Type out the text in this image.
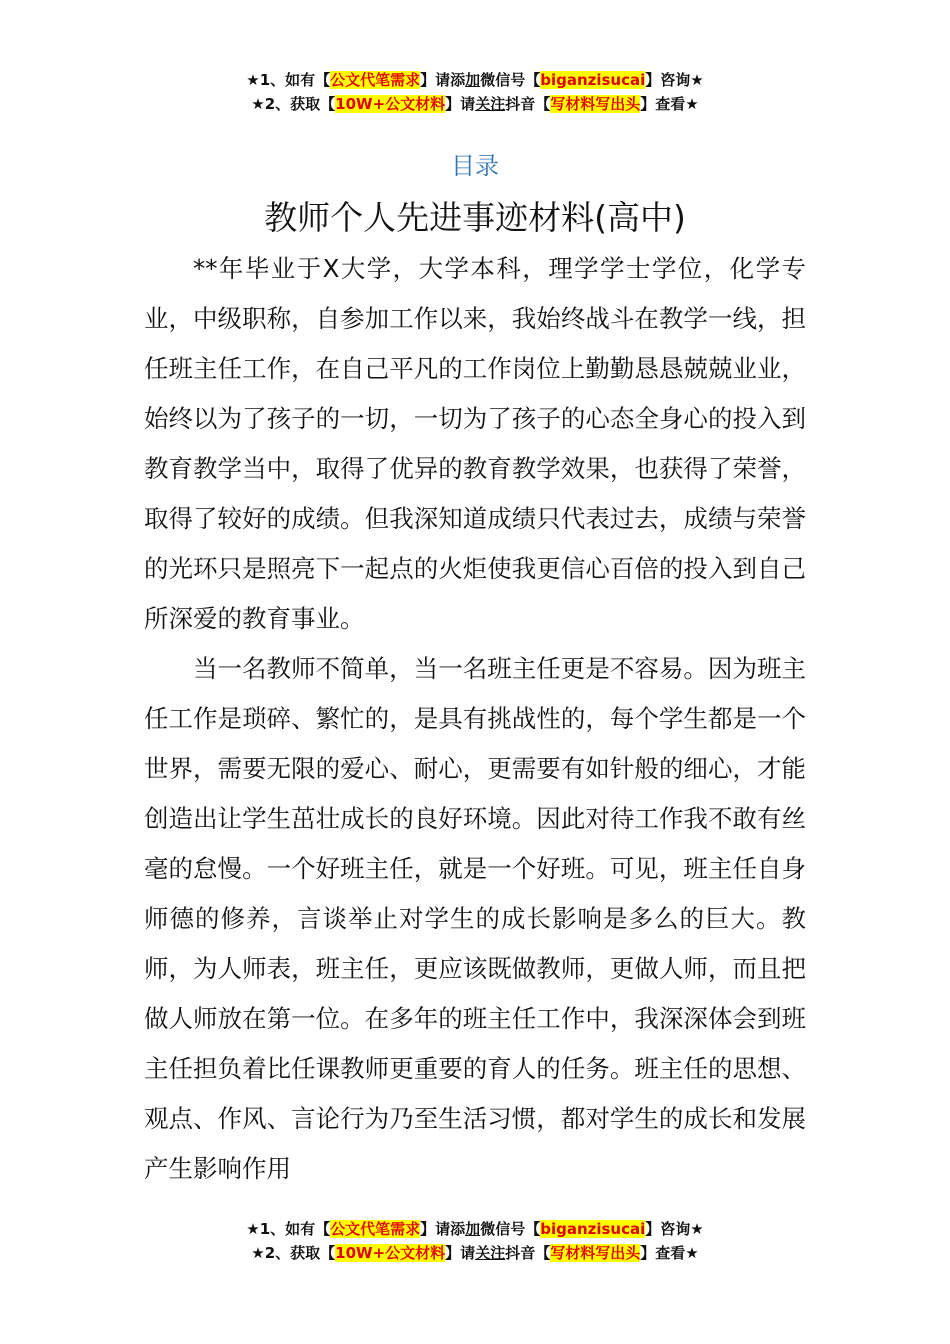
★1、如有【公文代笔需求】请添加微信号【biganzisucai】咨询★
★2、获取【10W+公文材料】请关注抖音【写材料写出头】查看★
目录
教师个人先进事迹材料(高中)

**年毕业于X大学，大学本科，理学学士学位，化学专业，中级职称，自参加工作以来，我始终战斗在教学一线，担任班主任工作，在自己平凡的工作岗位上勤勤恳恳兢兢业业，始终以为了孩子的一切，一切为了孩子的心态全身心的投入到教育教学当中，取得了优异的教育教学效果，也获得了荣誉，取得了较好的成绩。但我深知道成绩只代表过去，成绩与荣誉的光环只是照亮下一起点的火炬使我更信心百倍的投入到自己所深爱的教育事业。

当一名教师不简单，当一名班主任更是不容易。因为班主任工作是琐碎、繁忙的，是具有挑战性的，每个学生都是一个世界，需要无限的爱心、耐心，更需要有如针般的细心，才能创造出让学生茁壮成长的良好环境。因此对待工作我不敢有丝毫的怠慢。一个好班主任，就是一个好班。可见，班主任自身师德的修养，言谈举止对学生的成长影响是多么的巨大。教师，为人师表，班主任，更应该既做教师，更做人师，而且把做人师放在第一位。在多年的班主任工作中，我深深体会到班主任担负着比任课教师更重要的育人的任务。班主任的思想、观点、作风、言论行为乃至生活习惯，都对学生的成长和发展产生影响作用

★1、如有【公文代笔需求】请添加微信号【biganzisucai】咨询★
★2、获取【10W+公文材料】请关注抖音【写材料写出头】查看★
